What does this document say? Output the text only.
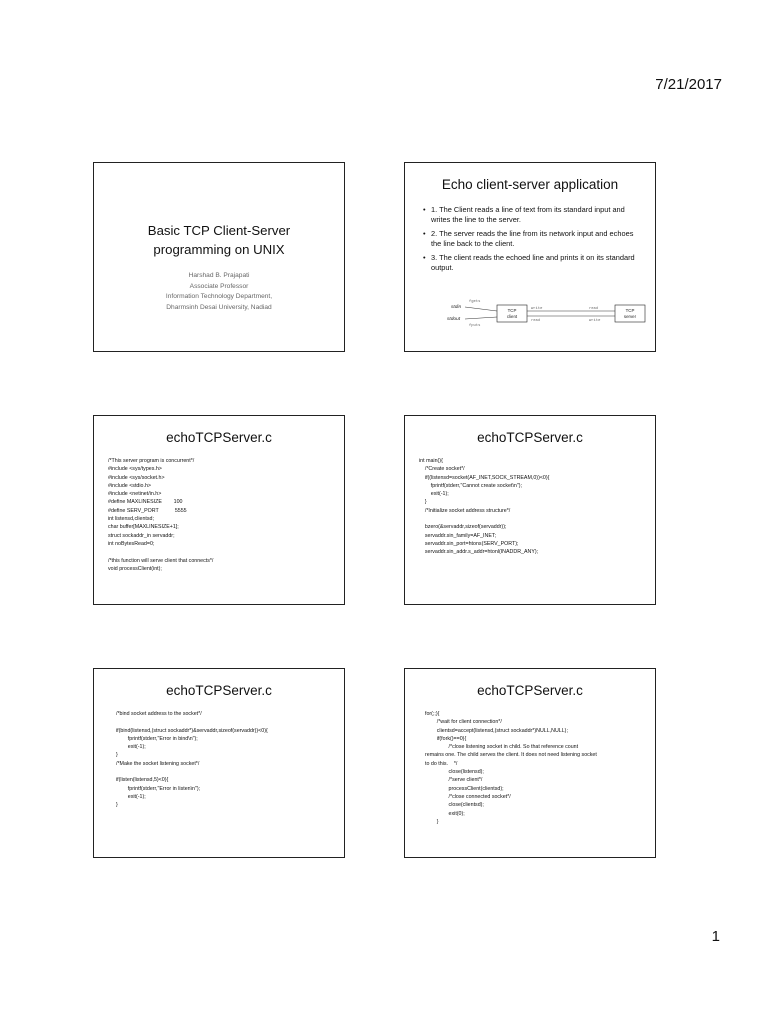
7/21/2017
Basic TCP Client-Server
programming on UNIX
Harshad B. Prajapati
Associate Professor
Information Technology Department,
Dharmsinh Desai University, Nadiad
Echo client-server application
• 1. The Client reads a line of text from its standard input and writes the line to the server.
• 2. The server reads the line from its network input and echoes the line back to the client.
• 3. The client reads the echoed line and prints it on its standard output.
stdin
stdout
fgets
fputs
TCP
client
TCP
server
write	read
read	write
echoTCPServer.c
/*This server program is concurrent*/
#include <sys/types.h>
#include <sys/socket.h>
#include <stdio.h>
#include <netinet/in.h>
#define MAXLINESIZE        100
#define SERV_PORT           5555
int listensd,clientsd;
char buffer[MAXLINESIZE+1];
struct sockaddr_in servaddr;
int noBytesRead=0;

/*this function will serve client that connects*/
void processClient(int);
echoTCPServer.c
int main(){
/*Create socket*/
if((listensd=socket(AF_INET,SOCK_STREAM,0))<0){
fprintf(stderr,"Cannot create socket\n");
exit(-1);
}
/*Initialize socket address structure*/

bzero(&servaddr,sizeof(servaddr));
servaddr.sin_family=AF_INET;
servaddr.sin_port=htons(SERV_PORT);
servaddr.sin_addr.s_addr=htonl(INADDR_ANY);
echoTCPServer.c
/*bind socket address to the socket*/

if(bind(listensd,(struct sockaddr*)&servaddr,sizeof(servaddr))<0){
fprintf(stderr,"Error in bind\n");
exit(-1);
}
/*Make the socket listening socket*/

if(listen(listensd,5)<0){
fprintf(stderr,"Error in listen\n");
exit(-1);
}
echoTCPServer.c
for(;;){
/*wait for client connection*/
clientsd=accept(listensd,(struct sockaddr*)NULL,NULL);
if(fork()==0){
/*close listening socket in child. So that reference count
remains one. The child serves the client. It does not need listening socket
to do this.    */
close(listensd);
/*serve client*/
processClient(clientsd);
/*close connected socket*/
close(clientsd);
exit(0);
}
1
